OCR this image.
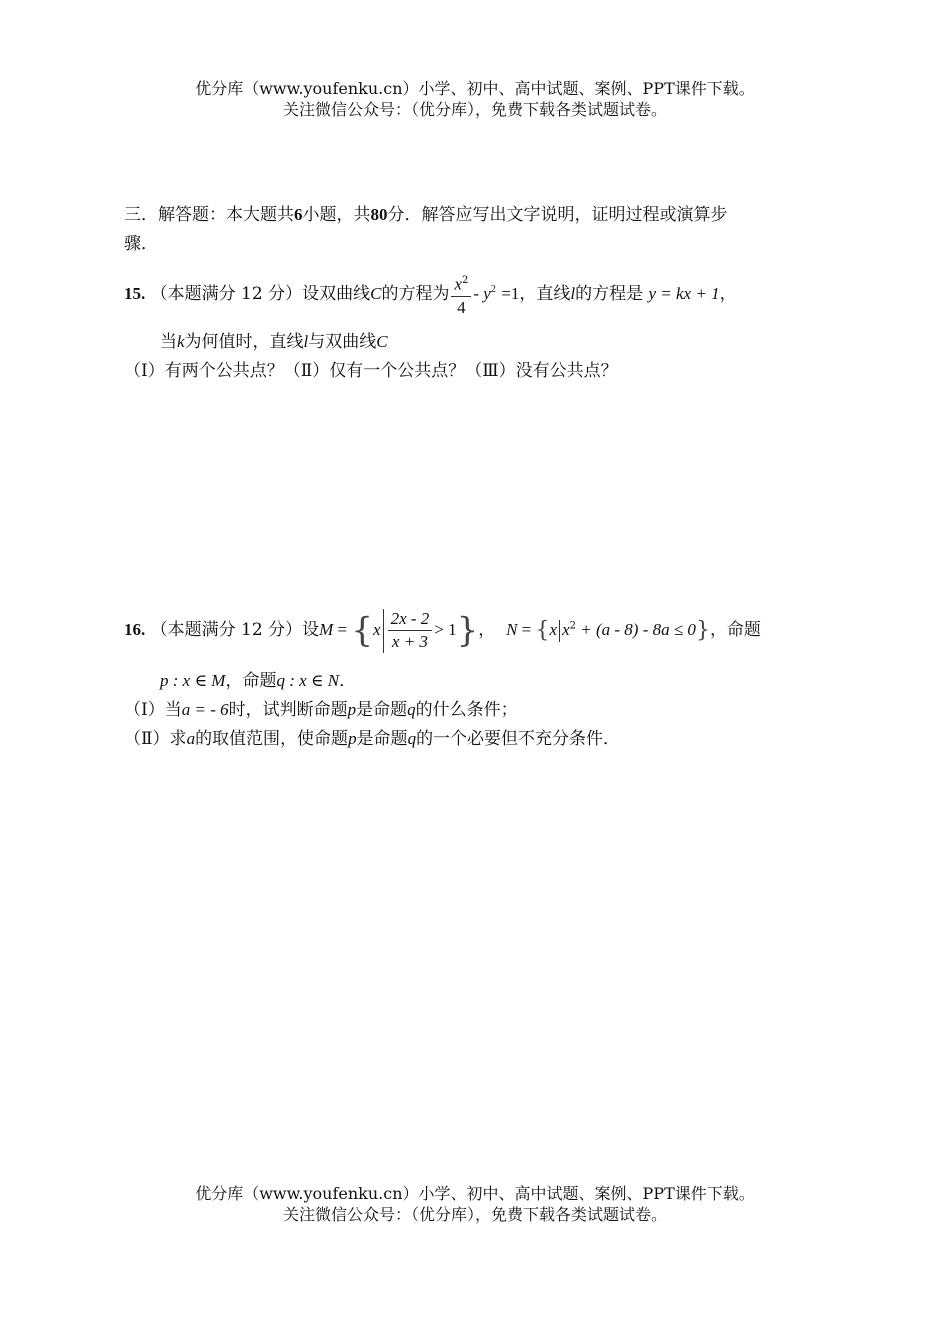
优分库（www.youfenku.cn）小学、初中、高中试题、案例、PPT课件下载。
关注微信公众号：（优分库），免费下载各类试题试卷。
三．解答题：本大题共6小题，共80分．解答应写出文字说明，证明过程或演算步
骤．
15. （本题满分 12 分）设双曲线C的方程为 $\frac{x^2}{4} - y^2 =1$，直线l的方程是 y = kx + 1，
当k为何值时，直线l与双曲线C
（Ⅰ）有两个公共点？（Ⅱ）仅有一个公共点？（Ⅲ）没有公共点？
16. （本题满分 12 分）设$M = \{x \frac{2x - 2}{x + 3} > 1\}$， N = {x $x^2 + (a - 8) - 8a \le 0$}，命题
p : x ∈ M，命题q : x ∈ N．
（Ⅰ）当a = - 6时，试判断命题p是命题q的什么条件；
（Ⅱ）求a的取值范围，使命题p是命题q的一个必要但不充分条件．
优分库（www.youfenku.cn）小学、初中、高中试题、案例、PPT课件下载。
关注微信公众号：（优分库），免费下载各类试题试卷。
